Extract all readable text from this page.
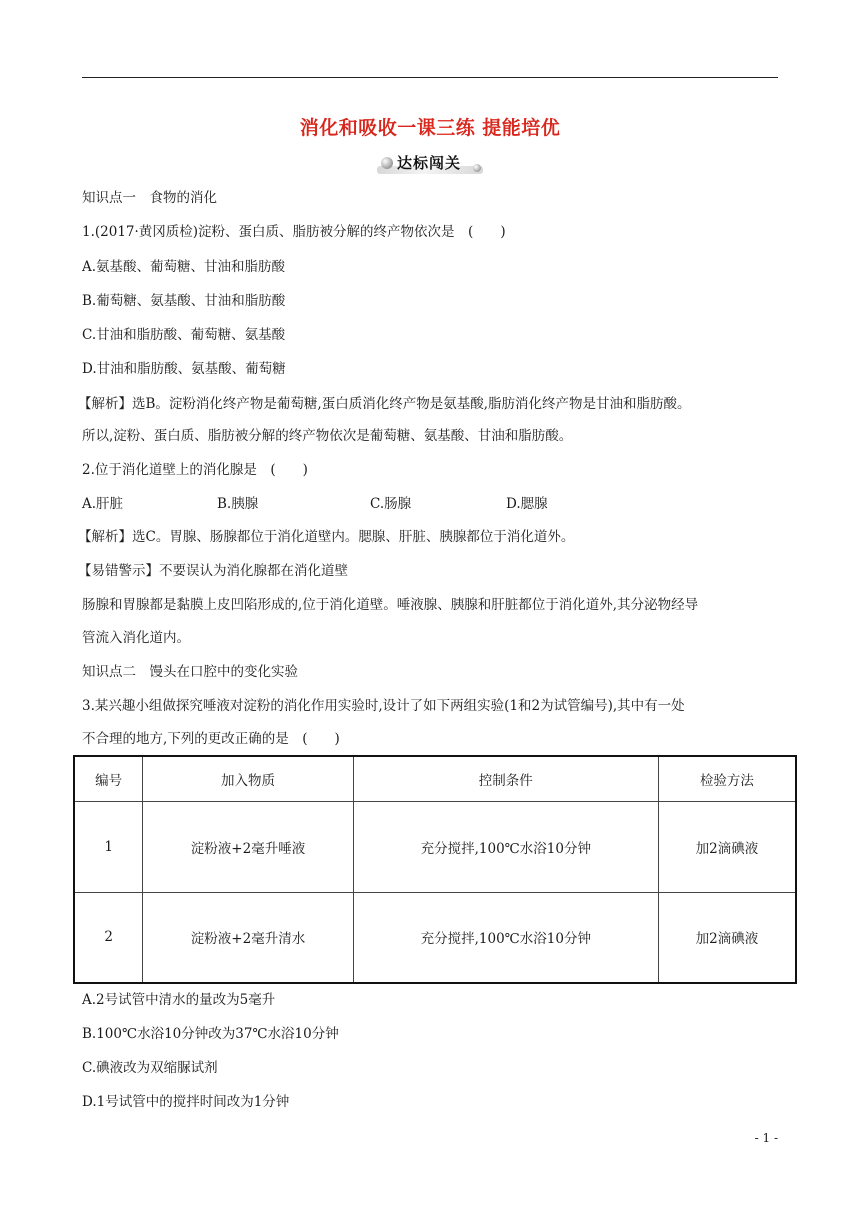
消化和吸收一课三练 提能培优
达标闯关
知识点一　食物的消化
1.(2017·黄冈质检)淀粉、蛋白质、脂肪被分解的终产物依次是　(　　)
A.氨基酸、葡萄糖、甘油和脂肪酸
B.葡萄糖、氨基酸、甘油和脂肪酸
C.甘油和脂肪酸、葡萄糖、氨基酸
D.甘油和脂肪酸、氨基酸、葡萄糖
【解析】选B。淀粉消化终产物是葡萄糖,蛋白质消化终产物是氨基酸,脂肪消化终产物是甘油和脂肪酸。
所以,淀粉、蛋白质、脂肪被分解的终产物依次是葡萄糖、氨基酸、甘油和脂肪酸。
2.位于消化道壁上的消化腺是　(　　)
A.肝脏	B.胰腺	C.肠腺	D.腮腺
【解析】选C。胃腺、肠腺都位于消化道壁内。腮腺、肝脏、胰腺都位于消化道外。
【易错警示】不要误认为消化腺都在消化道壁
肠腺和胃腺都是黏膜上皮凹陷形成的,位于消化道壁。唾液腺、胰腺和肝脏都位于消化道外,其分泌物经导
管流入消化道内。
知识点二　馒头在口腔中的变化实验
3.某兴趣小组做探究唾液对淀粉的消化作用实验时,设计了如下两组实验(1和2为试管编号),其中有一处
不合理的地方,下列的更改正确的是　(　　)
编号	加入物质	控制条件	检验方法
1	淀粉液+2毫升唾液	充分搅拌,100℃水浴10分钟	加2滴碘液
2	淀粉液+2毫升清水	充分搅拌,100℃水浴10分钟	加2滴碘液
A.2号试管中清水的量改为5毫升
B.100℃水浴10分钟改为37℃水浴10分钟
C.碘液改为双缩脲试剂
D.1号试管中的搅拌时间改为1分钟
- 1 -
